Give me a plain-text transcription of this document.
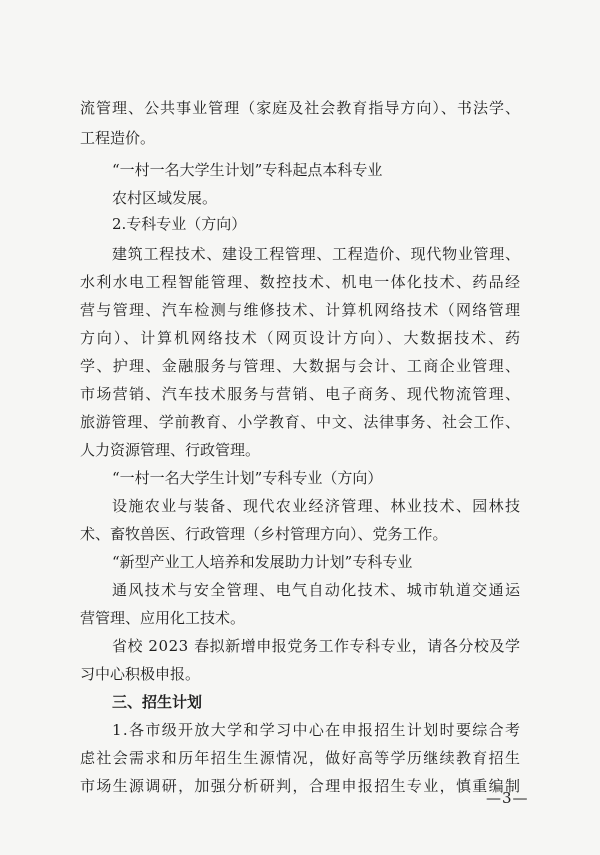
流管理、公共事业管理（家庭及社会教育指导方向）、书法学、
工程造价。
“一村一名大学生计划”专科起点本科专业
农村区域发展。
2.专科专业（方向）
建筑工程技术、建设工程管理、工程造价、现代物业管理、
水利水电工程智能管理、数控技术、机电一体化技术、药品经
营与管理、汽车检测与维修技术、计算机网络技术（网络管理
方向）、计算机网络技术（网页设计方向）、大数据技术、药
学、护理、金融服务与管理、大数据与会计、工商企业管理、
市场营销、汽车技术服务与营销、电子商务、现代物流管理、
旅游管理、学前教育、小学教育、中文、法律事务、社会工作、
人力资源管理、行政管理。
“一村一名大学生计划”专科专业（方向）
设施农业与装备、现代农业经济管理、林业技术、园林技
术、畜牧兽医、行政管理（乡村管理方向）、党务工作。
“新型产业工人培养和发展助力计划”专科专业
通风技术与安全管理、电气自动化技术、城市轨道交通运
营管理、应用化工技术。
省校 2023 春拟新增申报党务工作专科专业，请各分校及学
习中心积极申报。
三、招生计划
1.各市级开放大学和学习中心在申报招生计划时要综合考
虑社会需求和历年招生生源情况，做好高等学历继续教育招生
市场生源调研，加强分析研判，合理申报招生专业，慎重编制
—3—
